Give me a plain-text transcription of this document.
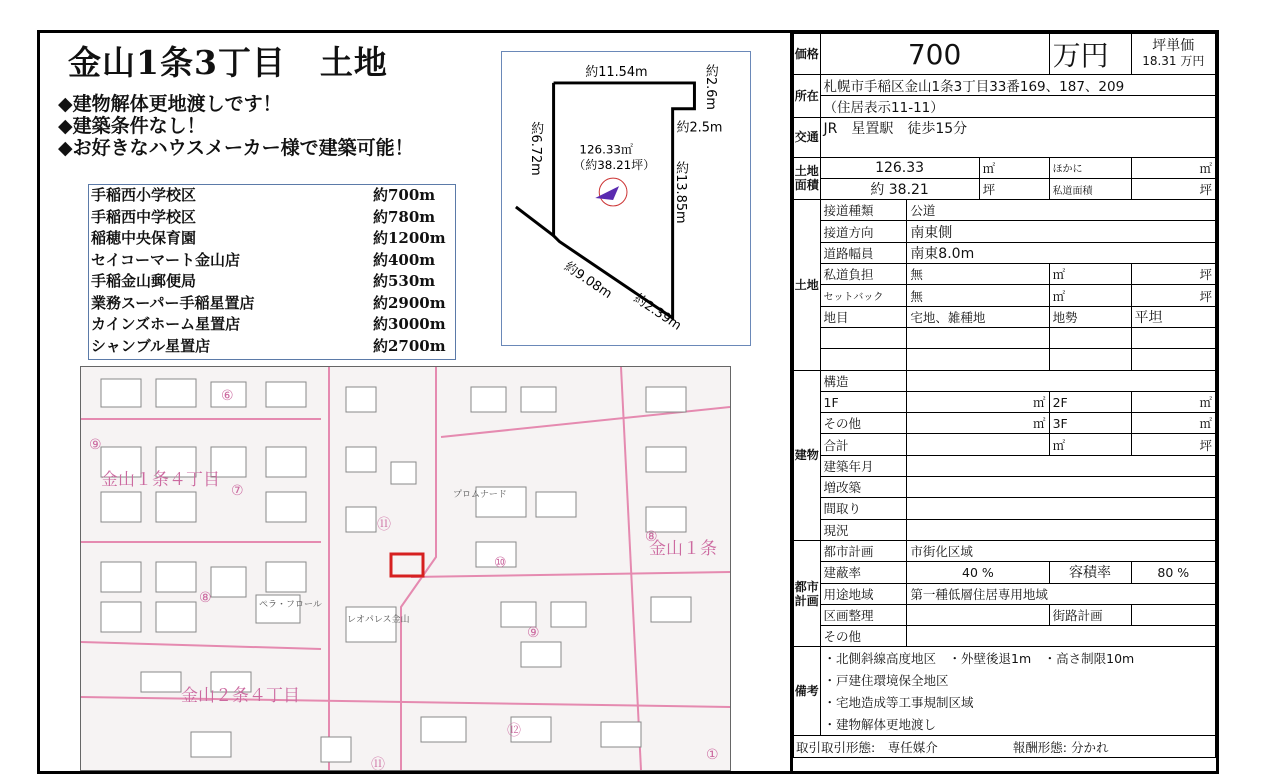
金山1条3丁目　土地
◆建物解体更地渡しです！
◆建築条件なし！
◆お好きなハウスメーカー様で建築可能！
手稲西小学校区	約700m
手稲西中学校区	約780m
稲穂中央保育園	約1200m
セイコーマート金山店	約400m
手稲金山郵便局	約530m
業務スーパー手稲星置店	約2900m
カインズホーム星置店	約3000m
シャンブル星置店	約2700m
約11.54m	約2.6m
約2.5m
約6.72m
約13.85m
約9.08m
約2.39m
126.33㎡
（約38.21坪）
金山１条４丁目
金山１条
金山２条４丁目
プロムナード
ペラ・フロール
レオパレス金山
⑥
⑨
⑦
⑪
⑧
⑩
⑧
⑨
⑫
⑪
①
価格	700			万円	坪単価
18.31 万円

所在	札幌市手稲区金山1条3丁目33番169、187、209				
	（住居表示11-11）				
交通	JR　星置駅　徒歩15分				
土地面積	126.33		㎡	ほかに	㎡
	約 38.21		坪	私道面積	坪
土地	接道種類	公道			
	接道方向	南東側			
	道路幅員	南東8.0m			
	私道負担	無		㎡	坪
	セットバック	無		㎡	坪
	地目	宅地、雑種地		地勢	平坦

建物	構造				
	1F	㎡		2F	㎡
	その他	㎡		3F	㎡
	合計			㎡	坪
	建築年月				
	増改築				
	間取り				
	現況				
都市計画	都市計画	市街化区域			
	建蔽率	40 %		容積率	80 %
	用途地域	第一種低層住居専用地域			
	区画整理			街路計画	
	その他				
備考	・北側斜線高度地区　・外壁後退1m　・高さ制限10m				
	・戸建住環境保全地区				
	・宅地造成等工事規制区域				
	・建物解体更地渡し				
取引取引形態:　 専任媒介　　　　　　 報酬形態: 分かれ					
